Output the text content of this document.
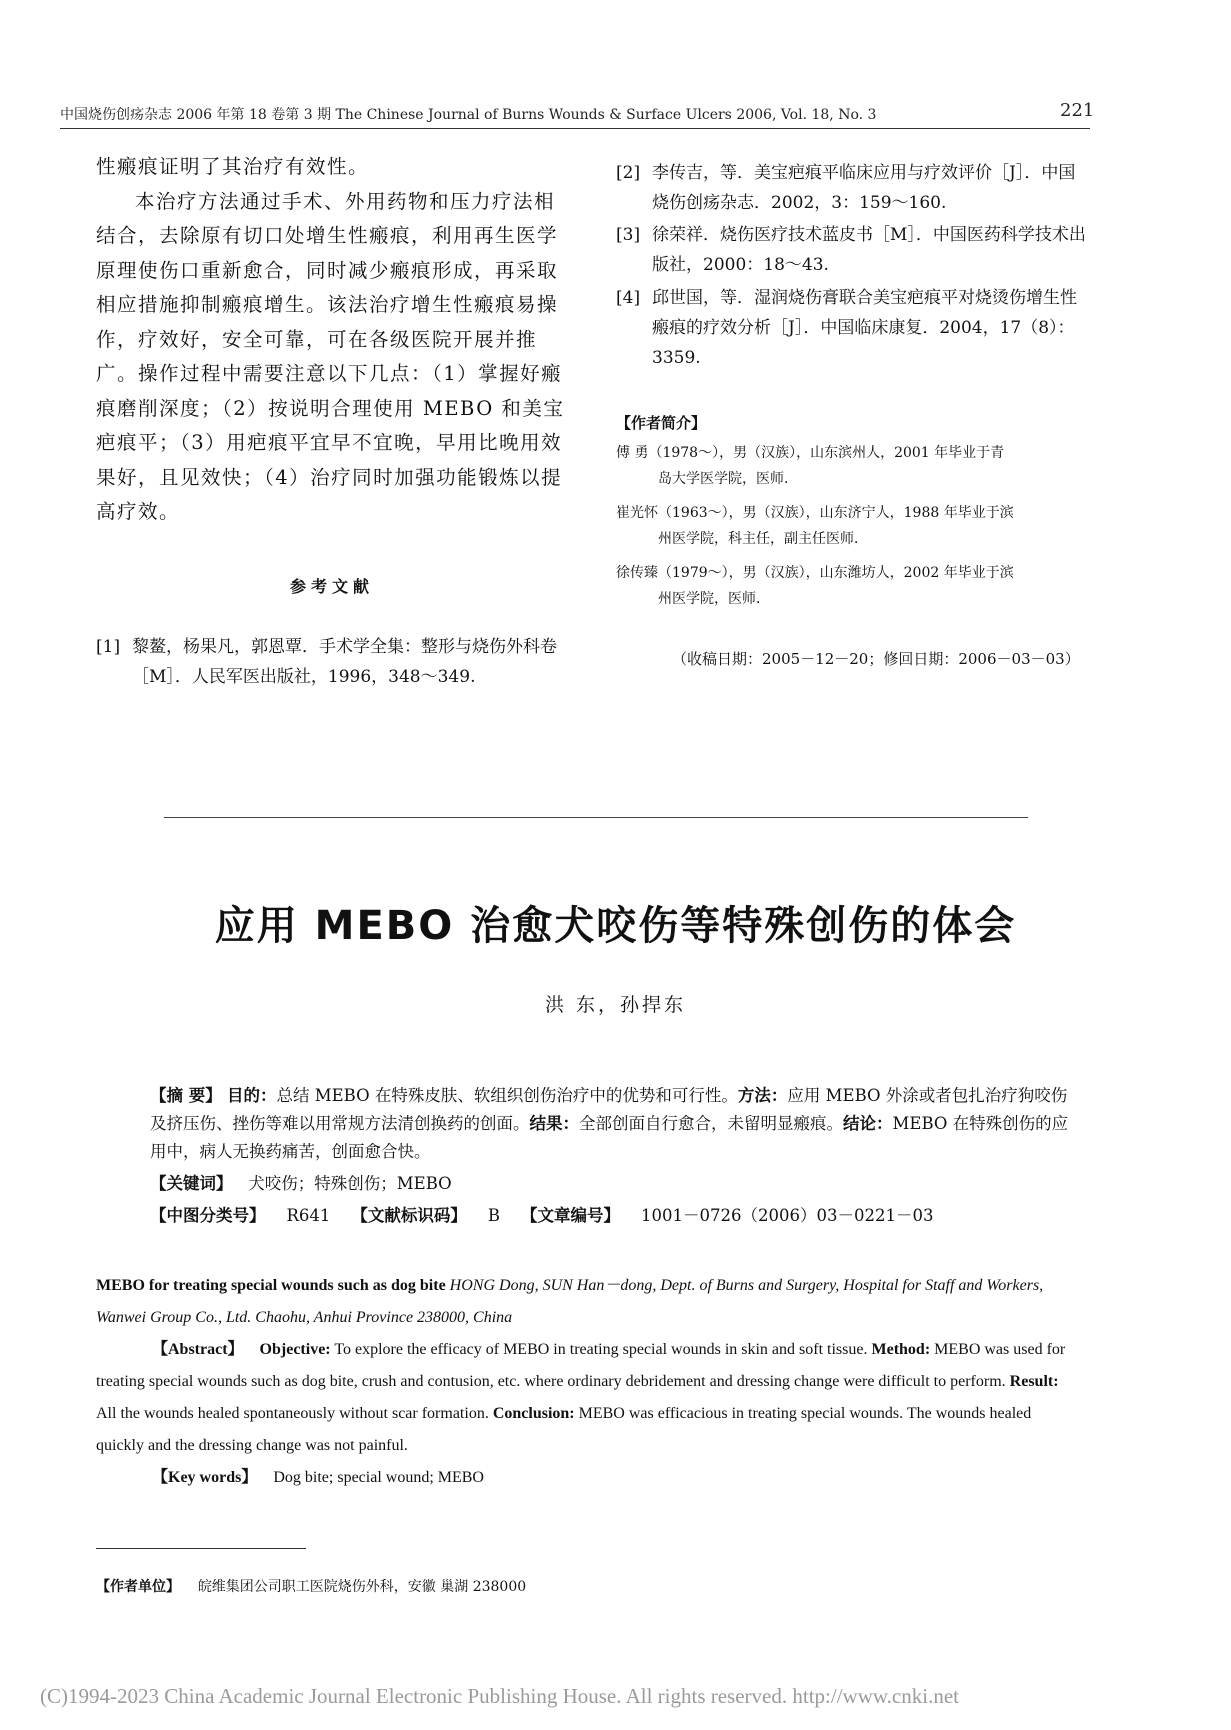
中国烧伤创疡杂志 2006 年第 18 卷第 3 期 The Chinese Journal of Burns Wounds & Surface Ulcers 2006, Vol. 18, No. 3	221

性瘢痕证明了其治疗有效性。

本治疗方法通过手术、外用药物和压力疗法相结合，去除原有切口处增生性瘢痕，利用再生医学原理使伤口重新愈合，同时减少瘢痕形成，再采取相应措施抑制瘢痕增生。该法治疗增生性瘢痕易操作，疗效好，安全可靠，可在各级医院开展并推广。操作过程中需要注意以下几点：（1）掌握好瘢痕磨削深度；（2）按说明合理使用 MEBO 和美宝疤痕平；（3）用疤痕平宜早不宜晚，早用比晚用效果好，且见效快；（4）治疗同时加强功能锻炼以提高疗效。

参考文献
[1] 黎鳌，杨果凡，郭恩覃．手术学全集：整形与烧伤外科卷［M］．人民军医出版社，1996，348～349.
[2] 李传吉，等．美宝疤痕平临床应用与疗效评价［J］．中国烧伤创疡杂志．2002，3：159～160.
[3] 徐荣祥．烧伤医疗技术蓝皮书［M］．中国医药科学技术出版社，2000：18～43.
[4] 邱世国，等．湿润烧伤膏联合美宝疤痕平对烧烫伤增生性瘢痕的疗效分析［J］．中国临床康复．2004，17（8）：3359.
【作者简介】
傅 勇（1978～），男（汉族），山东滨州人，2001 年毕业于青
岛大学医学院，医师．
崔光怀（1963～），男（汉族），山东济宁人，1988 年毕业于滨
州医学院，科主任，副主任医师．
徐传臻（1979～），男（汉族），山东潍坊人，2002 年毕业于滨
州医学院，医师．
（收稿日期：2005－12－20；修回日期：2006－03－03）
应用 MEBO 治愈犬咬伤等特殊创伤的体会
洪 东，孙捍东

【摘 要】 目的：总结 MEBO 在特殊皮肤、软组织创伤治疗中的优势和可行性。方法：应用 MEBO 外涂或者包扎治疗狗咬伤及挤压伤、挫伤等难以用常规方法清创换药的创面。结果：全部创面自行愈合，未留明显瘢痕。结论：MEBO 在特殊创伤的应用中，病人无换药痛苦，创面愈合快。

【关键词】 犬咬伤；特殊创伤；MEBO

【中图分类号】 R641 【文献标识码】 B 【文章编号】 1001－0726（2006）03－0221－03

MEBO for treating special wounds such as dog bite HONG Dong, SUN Han－dong, Dept. of Burns and Surgery, Hospital for Staff and Workers, Wanwei Group Co., Ltd. Chaohu, Anhui Province 238000, China

【Abstract】 Objective: To explore the efficacy of MEBO in treating special wounds in skin and soft tissue. Method: MEBO was used for treating special wounds such as dog bite, crush and contusion, etc. where ordinary debridement and dressing change were difficult to perform. Result: All the wounds healed spontaneously without scar formation. Conclusion: MEBO was efficacious in treating special wounds. The wounds healed quickly and the dressing change was not painful.

【Key words】 Dog bite; special wound; MEBO

【作者单位】 皖维集团公司职工医院烧伤外科，安徽 巢湖 238000
(C)1994-2023 China Academic Journal Electronic Publishing House. All rights reserved. http://www.cnki.net
